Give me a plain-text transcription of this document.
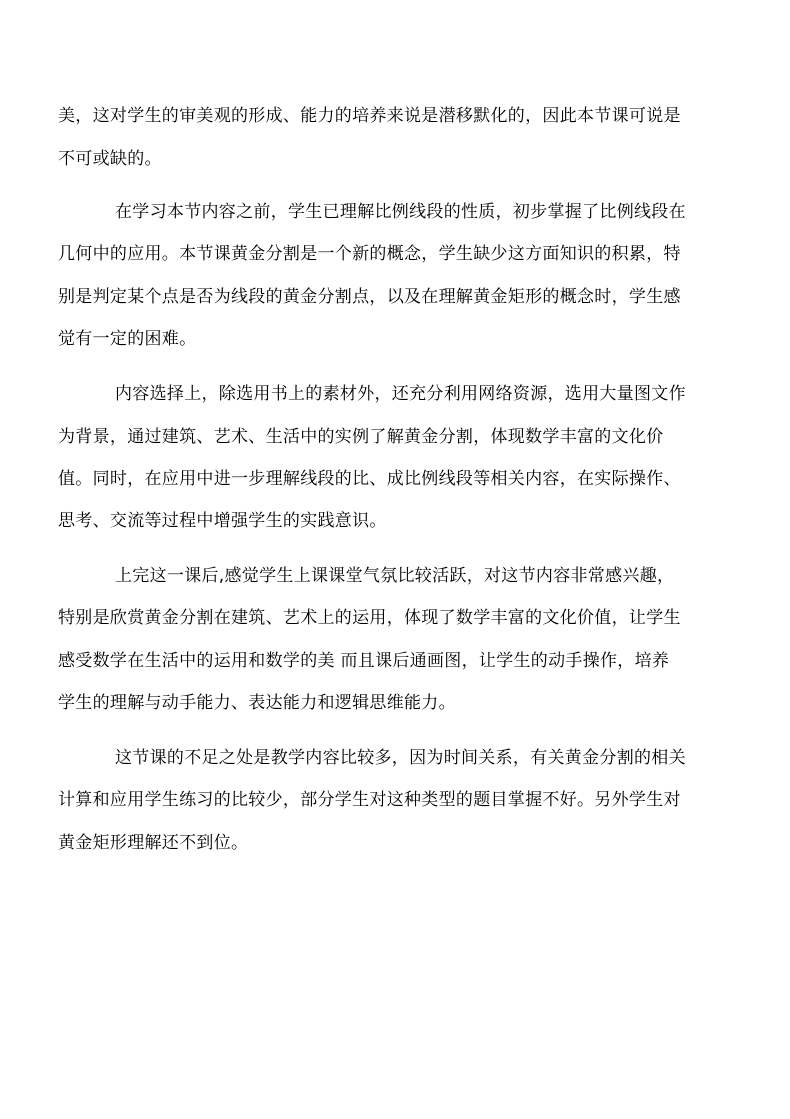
美，这对学生的审美观的形成、能力的培养来说是潜移默化的，因此本节课可说是
不可或缺的。
在学习本节内容之前，学生已理解比例线段的性质，初步掌握了比例线段在
几何中的应用。本节课黄金分割是一个新的概念，学生缺少这方面知识的积累，特
别是判定某个点是否为线段的黄金分割点，以及在理解黄金矩形的概念时，学生感
觉有一定的困难。
内容选择上，除选用书上的素材外，还充分利用网络资源，选用大量图文作
为背景，通过建筑、艺术、生活中的实例了解黄金分割，体现数学丰富的文化价
值。同时，在应用中进一步理解线段的比、成比例线段等相关内容，在实际操作、
思考、交流等过程中增强学生的实践意识。
上完这一课后,感觉学生上课课堂气氛比较活跃，对这节内容非常感兴趣，
特别是欣赏黄金分割在建筑、艺术上的运用，体现了数学丰富的文化价值，让学生
感受数学在生活中的运用和数学的美 而且课后通画图，让学生的动手操作，培养
学生的理解与动手能力、表达能力和逻辑思维能力。
这节课的不足之处是教学内容比较多，因为时间关系，有关黄金分割的相关
计算和应用学生练习的比较少，部分学生对这种类型的题目掌握不好。另外学生对
黄金矩形理解还不到位。
